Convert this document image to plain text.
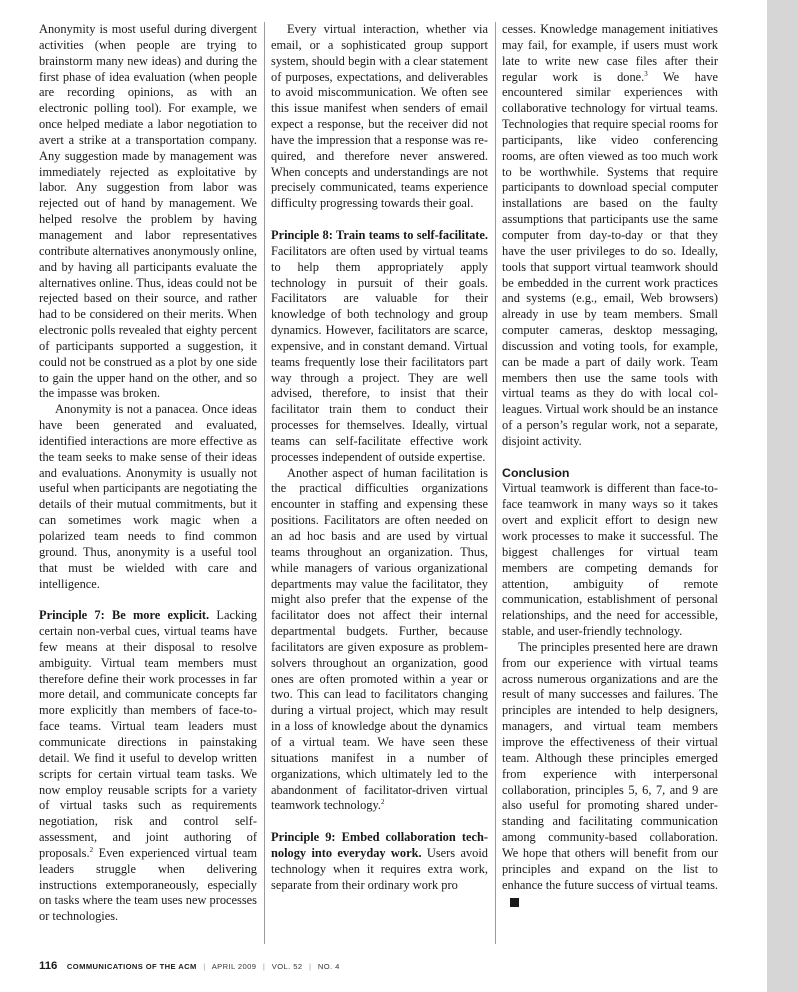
Anonymity is most useful during divergent activities (when people are trying to brainstorm many new ideas) and during the first phase of idea evaluation (when people are recording opinions, as with an electronic polling tool). For example, we once helped mediate a labor negotiation to avert a strike at a transportation company. Any suggestion made by management was immediately rejected as exploitative by labor. Any suggestion from labor was rejected out of hand by management. We helped resolve the problem by having management and labor representatives contribute alternatives anonymously online, and by having all participants evaluate the alternatives online. Thus, ideas could not be rejected based on their source, and rather had to be considered on their merits. When electronic polls revealed that eighty percent of participants supported a suggestion, it could not be construed as a plot by one side to gain the upper hand on the other, and so the impasse was broken.

Anonymity is not a panacea. Once ideas have been generated and evaluated, identified interactions are more effective as the team seeks to make sense of their ideas and evaluations. Anonymity is usually not useful when participants are negotiating the details of their mutual commitments, but it can sometimes work magic when a polarized team needs to find common ground. Thus, anonymity is a useful tool that must be wielded with care and intelligence.

Principle 7: Be more explicit. Lacking certain non-verbal cues, virtual teams have few means at their disposal to resolve ambiguity. Virtual team members must therefore define their work processes in far more detail, and communicate concepts far more explicitly than members of face-to-face teams. Virtual team leaders must communicate directions in painstaking detail. We find it useful to develop written scripts for certain virtual team tasks. We now employ reusable scripts for a variety of virtual tasks such as requirements negotiation, risk and control self-assessment, and joint authoring of proposals.$^2$ Even experienced virtual team leaders struggle when delivering instructions extemporaneously, especially on tasks where the team uses new processes or technologies.

Every virtual interaction, whether via email, or a sophisticated group support system, should begin with a clear statement of purposes, expectations, and deliverables to avoid miscommunication. We often see this issue manifest when senders of email expect a response, but the receiver did not have the impression that a response was required, and therefore never answered. When concepts and understandings are not precisely communicated, teams experience difficulty progressing towards their goal.

Principle 8: Train teams to self-facilitate. Facilitators are often used by virtual teams to help them appropriately apply technology in pursuit of their goals. Facilitators are valuable for their knowledge of both technology and group dynamics. However, facilitators are scarce, expensive, and in constant demand. Virtual teams frequently lose their facilitators part way through a project. They are well advised, therefore, to insist that their facilitator train them to conduct their processes for themselves. Ideally, virtual teams can self-facilitate effective work processes independent of outside expertise.

Another aspect of human facilitation is the practical difficulties organizations encounter in staffing and expensing these positions. Facilitators are often needed on an ad hoc basis and are used by virtual teams throughout an organization. Thus, while managers of various organizational departments may value the facilitator, they might also prefer that the expense of the facilitator does not affect their internal departmental budgets. Further, because facilitators are given exposure as problem-solvers throughout an organization, good ones are often promoted within a year or two. This can lead to facilitators changing during a virtual project, which may result in a loss of knowledge about the dynamics of a virtual team. We have seen these situations manifest in a number of organizations, which ultimately led to the abandonment of facilitator-driven virtual teamwork technology.$^2$

Principle 9: Embed collaboration technology into everyday work. Users avoid technology when it requires extra work, separate from their ordinary work pro

cesses. Knowledge management initiatives may fail, for example, if users must work late to write new case files after their regular work is done.$^3$ We have encountered similar experiences with collaborative technology for virtual teams. Technologies that require special rooms for participants, like video conferencing rooms, are often viewed as too much work to be worthwhile. Systems that require participants to download special computer installations are based on the faulty assumptions that participants use the same computer from day-to-day or that they have the user privileges to do so. Ideally, tools that support virtual teamwork should be embedded in the current work practices and systems (e.g., email, Web browsers) already in use by team members. Small computer cameras, desktop messaging, discussion and voting tools, for example, can be made a part of daily work. Team members then use the same tools with virtual teams as they do with local colleagues. Virtual work should be an instance of a person’s regular work, not a separate, disjoint activity.

Conclusion

Virtual teamwork is different than face-to-face teamwork in many ways so it takes overt and explicit effort to design new work processes to make it successful. The biggest challenges for virtual team members are competing demands for attention, ambiguity of remote communication, establishment of personal relationships, and the need for accessible, stable, and user-friendly technology.

The principles presented here are drawn from our experience with virtual teams across numerous organizations and are the result of many successes and failures. The principles are intended to help designers, managers, and virtual team members improve the effectiveness of their virtual team. Although these principles emerged from experience with interpersonal collaboration, principles 5, 6, 7, and 9 are also useful for promoting shared understanding and facilitating communication among community-based collaboration. We hope that others will benefit from our principles and expand on the list to enhance the future success of virtual teams.C

116 COMMUNICATIONS OF THE ACM | APRIL 2009 | VOL. 52 | NO. 4
